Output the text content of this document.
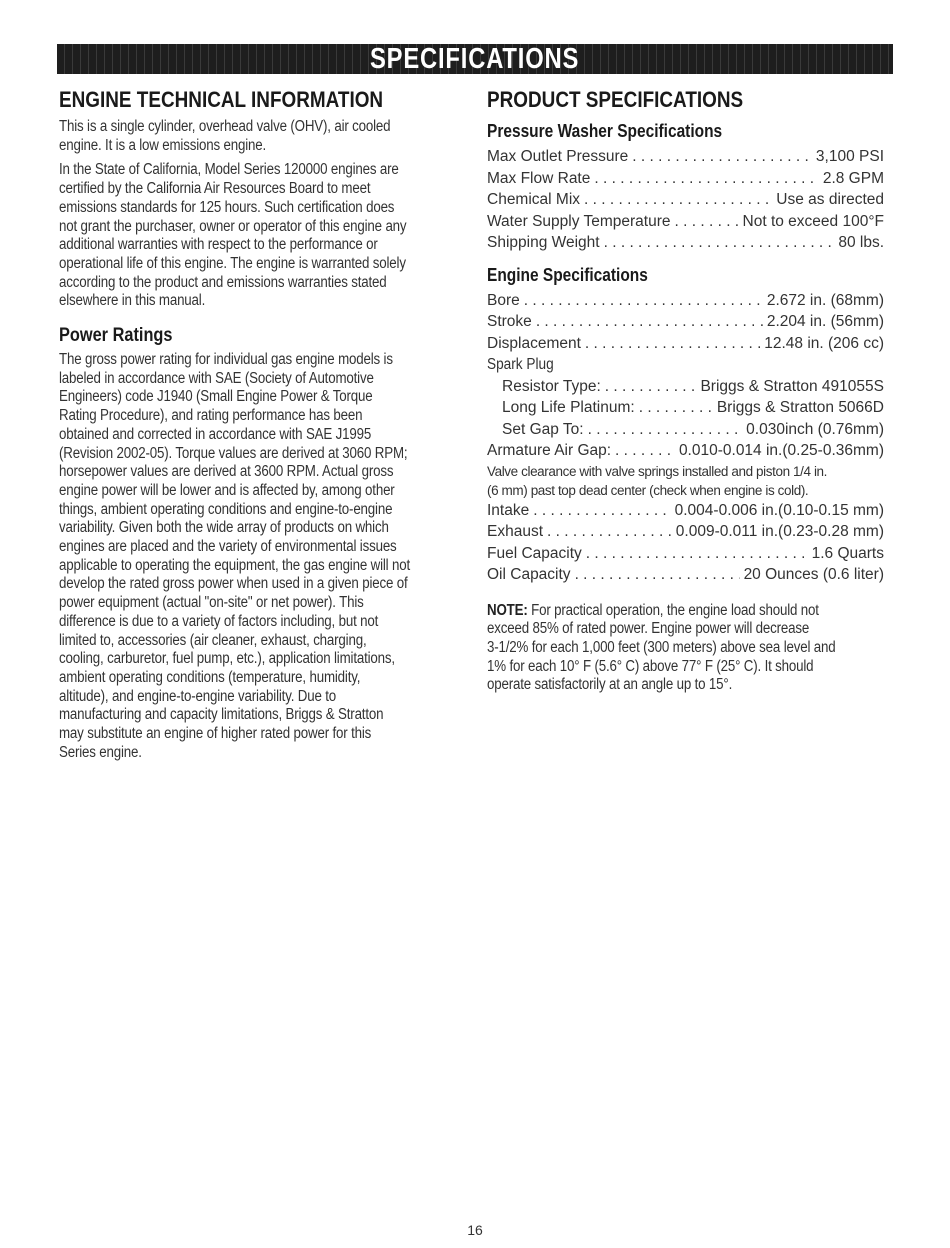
SPECIFICATIONS
ENGINE TECHNICAL INFORMATION
This is a single cylinder, overhead valve (OHV), air cooled
engine. It is a low emissions engine.
In the State of California, Model Series 120000 engines are
certified by the California Air Resources Board to meet
emissions standards for 125 hours. Such certification does
not grant the purchaser, owner or operator of this engine any
additional warranties with respect to the performance or
operational life of this engine. The engine is warranted solely
according to the product and emissions warranties stated
elsewhere in this manual.
Power Ratings
The gross power rating for individual gas engine models is
labeled in accordance with SAE (Society of Automotive
Engineers) code J1940 (Small Engine Power & Torque
Rating Procedure), and rating performance has been
obtained and corrected in accordance with SAE J1995
(Revision 2002-05). Torque values are derived at 3060 RPM;
horsepower values are derived at 3600 RPM. Actual gross
engine power will be lower and is affected by, among other
things, ambient operating conditions and engine-to-engine
variability. Given both the wide array of products on which
engines are placed and the variety of environmental issues
applicable to operating the equipment, the gas engine will not
develop the rated gross power when used in a given piece of
power equipment (actual "on-site" or net power). This
difference is due to a variety of factors including, but not
limited to, accessories (air cleaner, exhaust, charging,
cooling, carburetor, fuel pump, etc.), application limitations,
ambient operating conditions (temperature, humidity,
altitude), and engine-to-engine variability. Due to
manufacturing and capacity limitations, Briggs & Stratton
may substitute an engine of higher rated power for this
Series engine.
PRODUCT SPECIFICATIONS
Pressure Washer Specifications
Max Outlet Pressure . . .	3,100 PSI
Max Flow Rate . . .	2.8 GPM
Chemical Mix . . .	Use as directed
Water Supply Temperature . . .	Not to exceed 100°F
Shipping Weight . . .	80 lbs.
Engine Specifications
Bore . . .	2.672 in. (68mm)
Stroke . . .	2.204 in. (56mm)
Displacement . . .	12.48 in. (206 cc)
Spark Plug
Resistor Type: . . .	Briggs & Stratton 491055S
Long Life Platinum: . . .	Briggs & Stratton 5066D
Set Gap To: . . .	0.030inch (0.76mm)
Armature Air Gap: . . .	0.010-0.014 in.(0.25-0.36mm)
Valve clearance with valve springs installed and piston 1/4 in.
(6 mm) past top dead center (check when engine is cold).
Intake . . .	0.004-0.006 in.(0.10-0.15 mm)
Exhaust . . .	0.009-0.011 in.(0.23-0.28 mm)
Fuel Capacity . . .	1.6 Quarts
Oil Capacity . . .	20 Ounces (0.6 liter)
NOTE: For practical operation, the engine load should not
exceed 85% of rated power. Engine power will decrease
3-1/2% for each 1,000 feet (300 meters) above sea level and
1% for each 10° F (5.6° C) above 77° F (25° C). It should
operate satisfactorily at an angle up to 15°.
16
